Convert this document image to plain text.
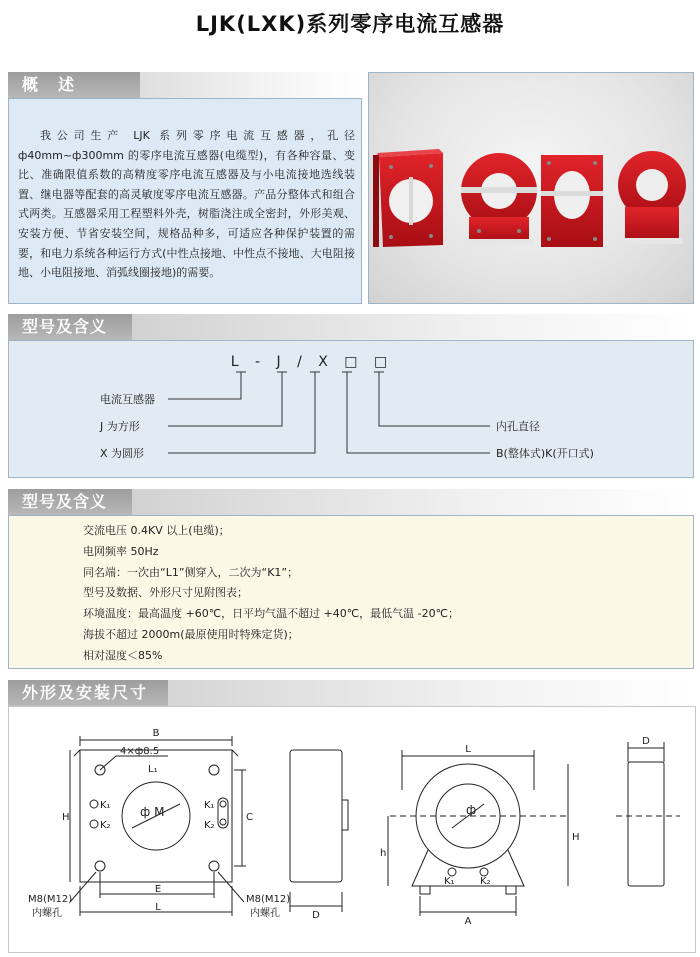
LJK(LXK)系列零序电流互感器
概　述
我公司生产 LJK 系列零序电流互感器，孔径 ф40mm~ф300mm 的零序电流互感器(电缆型)，有各种容量、变比、准确限值系数的高精度零序电流互感器及与小电流接地选线装置、继电器等配套的高灵敏度零序电流互感器。产品分整体式和组合式两类。互感器采用工程塑料外壳，树脂浇注成全密封，外形美观、安装方便、节省安装空间，规格品种多，可适应各种保护装置的需要，和电力系统各种运行方式(中性点接地、中性点不接地、大电阻接地、小电阻接地、消弧线圈接地)的需要。
型号及含义
L - J / X □ □
电流互感器
J 为方形
X 为圆形
内孔直径
B(整体式)K(开口式)
型号及含义
交流电压 0.4KV 以上(电缆)；
电网频率 50Hz
同名端：一次由“L1”侧穿入，二次为“K1”；
型号及数据、外形尺寸见附图表；
环境温度：最高温度 +60℃，日平均气温不超过 +40℃，最低气温 -20℃；
海拔不超过 2000m(最原使用时特殊定货)；
相对湿度＜85%
外形及安装尺寸
B
4×ф8.5
L₁
H	ф M
K₁
K₂
K₁
K₂
C
E
L
M8(M12)
内螺孔
M8(M12)
内螺孔	D
L
ф
H
h
K₁	K₂
A
D
